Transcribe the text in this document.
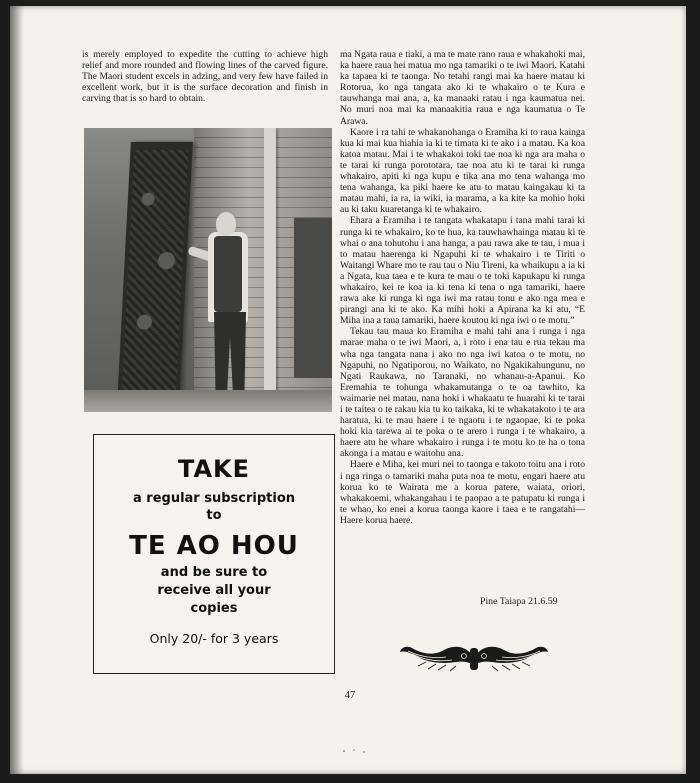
is merely employed to expedite the cutting to achieve high relief and more rounded and flowing lines of the carved figure. The Maori student excels in adzing, and very few have failed in excellent work, but it is the surface decoration and finish in carving that is so hard to obtain.

TAKE
a regular subscription
to
TE AO HOU
and be sure to
receive all your
copies
Only 20/- for 3 years

ma Ngata raua e tiaki, a ma te mate rano raua e whakahoki mai, ka haere raua hei matua mo nga tamariki o te iwi Maori. Katahi ka tapaea ki te taonga. No tetahi rangi mai ka haere matau ki Rotorua, ko nga tangata ako ki te whakairo o te Kura e tauwhanga mai ana, a, ka manaaki ratau i nga kaumatua nei. No muri noa mai ka manaakitia raua e nga kaumatua o Te Arawa.

Kaore i ra tahi te whakanohanga o Eramiha ki to raua kainga kua ki mai kua hiahia ia ki te timata ki te ako i a matau. Ka koa katoa matau. Mai i te whakakoi toki tae noa ki nga ara maha o te tarai ki runga porototara, tae noa atu ki te tarai ki runga whakairo, apiti ki nga kupu e tika ana mo tena wahanga mo tena wahanga, ka piki haere ke atu to matau kaingakau ki ta matau mahi, ia ra, ia wiki, ia marama, a ka kite ka mohio hoki au ki taku kuaretanga ki te whakairo.

Ehara a Eramiha i te tangata whakatapu i tana mahi tarai ki runga ki te whakairo, ko te hua, ka tauwhawhainga matau ki te whai o ana tohutohu i ana hanga, a pau rawa ake te tau, i mua i to matau haerenga ki Ngapuhi ki te whakairo i te Tiriti o Waitangi Whare mo te rau tau o Niu Tireni, ka whaikupu a ia ki a Ngata, kua taea e te kura te mau o te toki kapukapu ki runga whakairo, kei te koa ia ki tena ki tena o nga tamariki, haere rawa ake ki runga ki nga iwi ma ratau tonu e ako nga mea e pirangi ana ki te ako. Ka mihi hoki a Apirana ka ki atu, “E Miha ina a taua tamariki, haere koutou ki nga iwi o te motu.”

Tekau tau maua ko Eramiha e mahi tahi ana i runga i nga marae maha o te iwi Maori, a, i roto i ena tau e rua tekau ma wha nga tangata nana i ako no nga iwi katoa o te motu, no Ngapuhi, no Ngatiporou, no Waikato, no Ngakikahungunu, no Ngati Raukawa, no Taranaki, no whanau-a-Apanui. Ko Eremahia te tohunga whakamutanga o te oa tawhito, ka waimarie nei matau, nana hoki i whakaatu te huarahi ki te tarai i te taitea o te rakau kia tu ko taikaka, ki te whakatakoto i te ara haratua, ki te mau haere i te ngaotu i te ngaopae, ki te poka hoki kia tarewa ai te poka o te arero i runga i te whakairo, a haere atu he whare whakairo i runga i te motu ko te ha o tona akonga i a matau e waitohu ana.

Haere e Miha, kei muri nei to taonga e takoto toitu ana i roto i nga ringa o tamariki maha puta noa te motu, engari haere atu korua ko te Wairata me a korua patere, waiata, oriori, whakakoemi, whakangahau i te paopao a te patupatu ki runga i te whao, ko enei a korua taonga kaore i taea e te rangatahi—Haere korua haere.

Pine Taiapa 21.6.59
47
